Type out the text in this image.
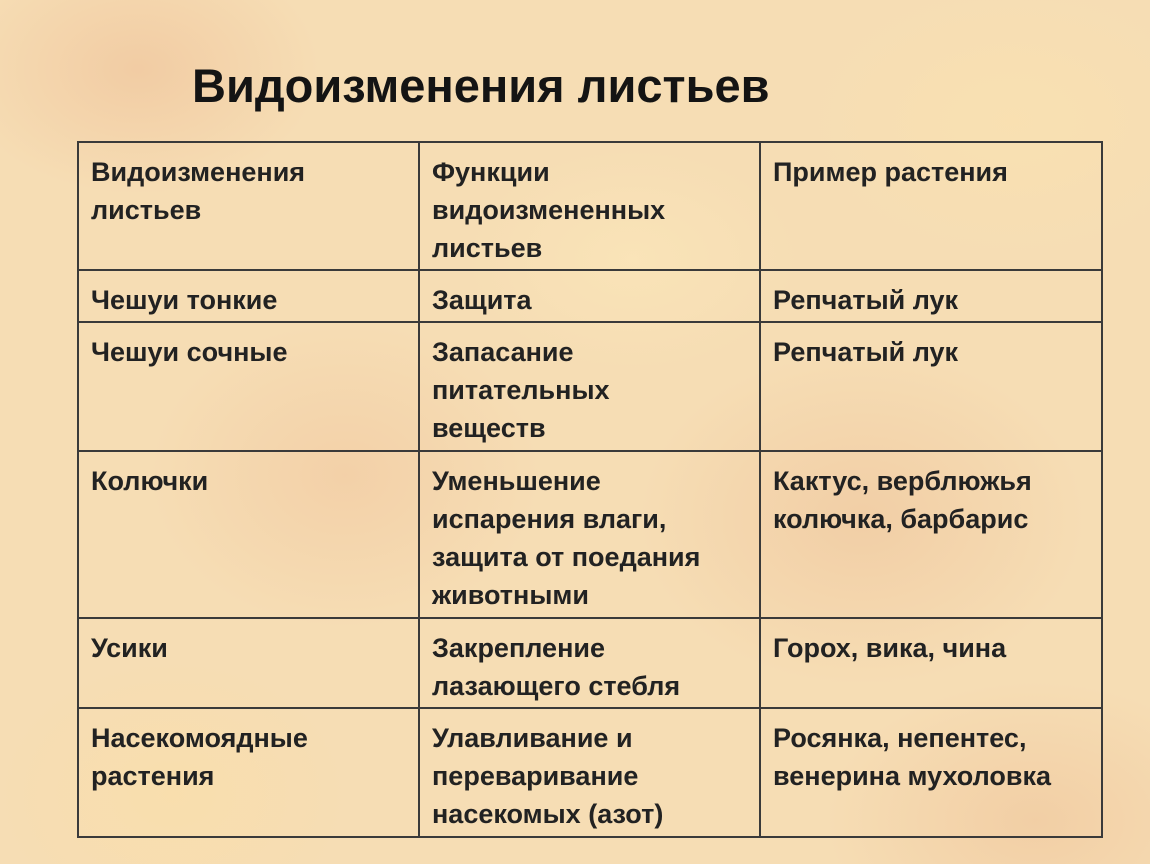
Видоизменения листьев
Видоизменения листьев	Функции видоизмененных листьев	Пример растения
Чешуи тонкие	Защита	Репчатый лук
Чешуи сочные	Запасание питательных веществ	Репчатый лук
Колючки	Уменьшение испарения влаги, защита от поедания животными	Кактус, верблюжья колючка, барбарис
Усики	Закрепление лазающего стебля	Горох, вика, чина
Насекомоядные растения	Улавливание и переваривание насекомых (азот)	Росянка, непентес, венерина мухоловка
